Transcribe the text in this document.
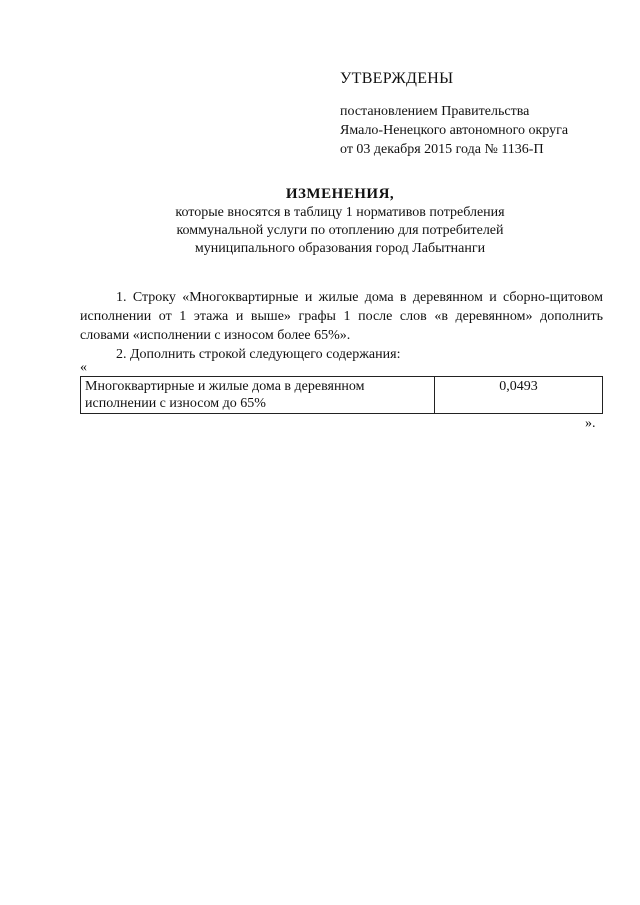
УТВЕРЖДЕНЫ
постановлением Правительства
Ямало-Ненецкого автономного округа
от 03 декабря 2015 года № 1136-П
ИЗМЕНЕНИЯ,
которые вносятся в таблицу 1 нормативов потребления
коммунальной услуги по отоплению для потребителей
муниципального образования город Лабытнанги

1. Строку «Многоквартирные и жилые дома в деревянном и сборно-щитовом исполнении от 1 этажа и выше» графы 1 после слов «в деревянном» дополнить словами «исполнении с износом более 65%».

2. Дополнить строкой следующего содержания:

«
Многоквартирные и жилые дома в деревянном исполнении с износом до 65%	0,0493
».
